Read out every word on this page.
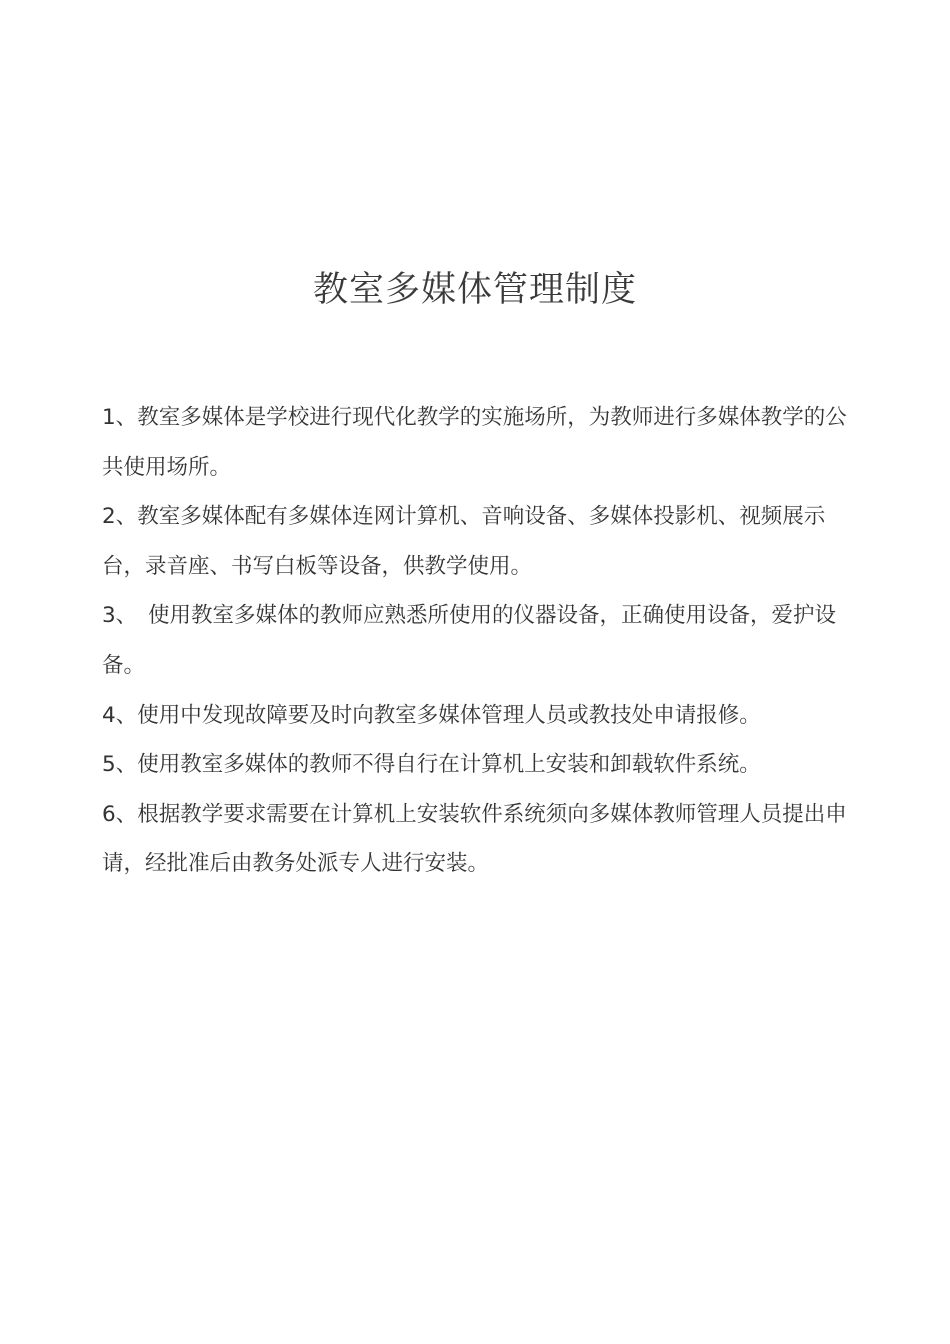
教室多媒体管理制度
1、教室多媒体是学校进行现代化教学的实施场所，为教师进行多媒体教学的公共使用场所。
2、教室多媒体配有多媒体连网计算机、音响设备、多媒体投影机、视频展示台，录音座、书写白板等设备，供教学使用。
3、　使用教室多媒体的教师应熟悉所使用的仪器设备，正确使用设备，爱护设备。
4、使用中发现故障要及时向教室多媒体管理人员或教技处申请报修。
5、使用教室多媒体的教师不得自行在计算机上安装和卸载软件系统。
6、根据教学要求需要在计算机上安装软件系统须向多媒体教师管理人员提出申请，经批准后由教务处派专人进行安装。
